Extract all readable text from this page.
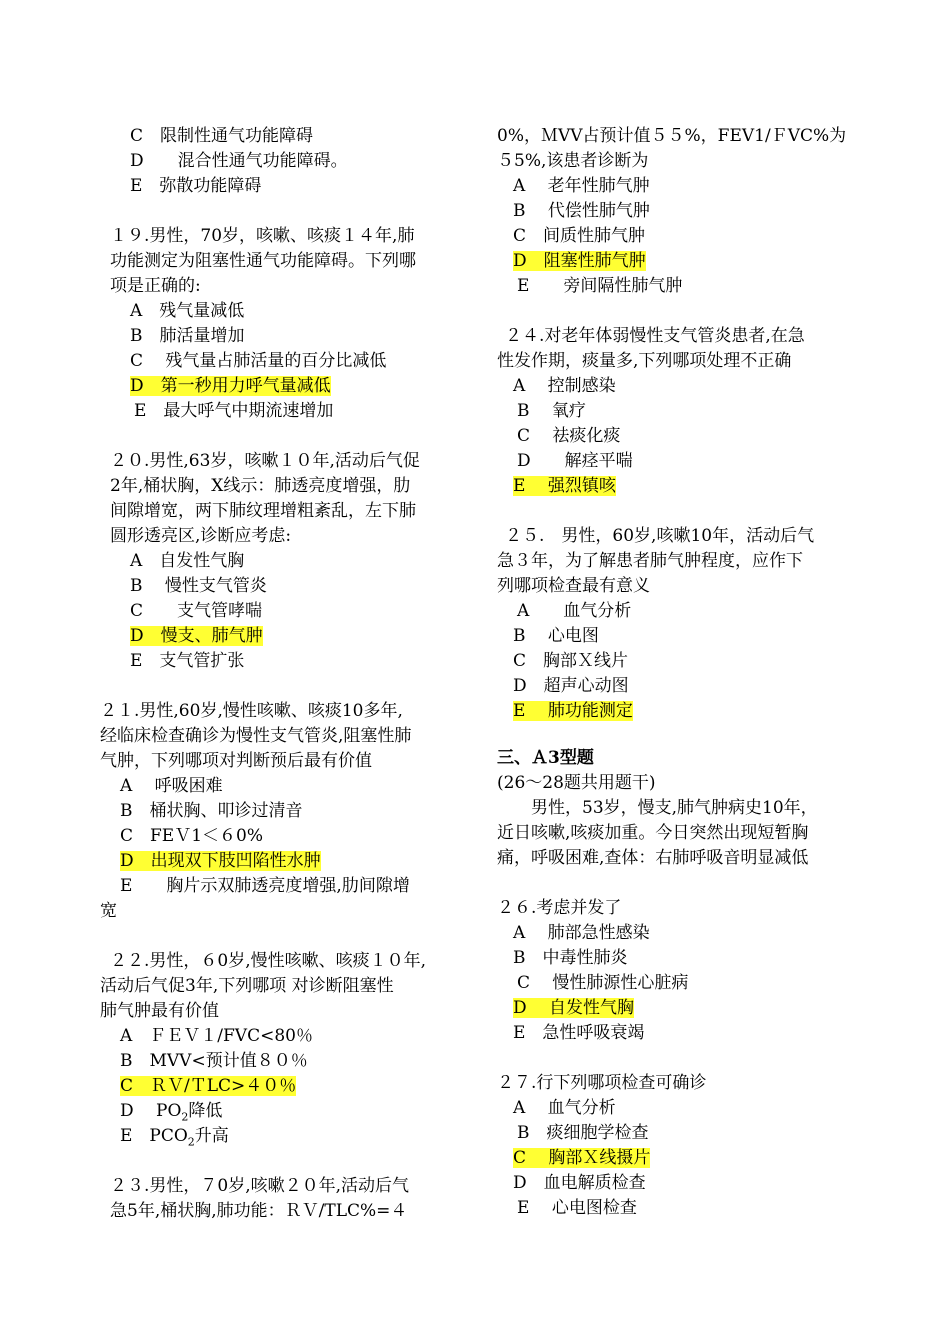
C　限制性通气功能障碍
D　　混合性通气功能障碍。
E　弥散功能障碍
１９.男性，70岁，咳嗽、咳痰１４年,肺
功能测定为阻塞性通气功能障碍。下列哪
项是正确的:
A　残气量减低
B　肺活量增加
C　 残气量占肺活量的百分比减低
D　第一秒用力呼气量减低
E　最大呼气中期流速增加
２０.男性,63岁，咳嗽１０年,活动后气促
2年,桶状胸，X线示：肺透亮度增强，肋
间隙增宽，两下肺纹理增粗紊乱，左下肺
圆形透亮区,诊断应考虑:
A　自发性气胸
B　 慢性支气管炎
C　　支气管哮喘
D　慢支、肺气肿
E　支气管扩张
２１.男性,60岁,慢性咳嗽、咳痰10多年,
经临床检查确诊为慢性支气管炎,阻塞性肺
气肿，下列哪项对判断预后最有价值
A　 呼吸困难
B　桶状胸、叩诊过清音
C　FEＶ1＜６0%
D　出现双下肢凹陷性水肿
E　　胸片示双肺透亮度增强,肋间隙增
宽
２２.男性，６0岁,慢性咳嗽、咳痰１０年,
活动后气促3年,下列哪项 对诊断阻塞性
肺气肿最有价值
A　ＦＥＶ１/FVC<80％
B　MVV<预计值８０％
C　ＲＶ/ＴLC>４０％
D　 $PO_2$降低
E　$PCO_2$升高
２３.男性，７0岁,咳嗽２０年,活动后气
急5年,桶状胸,肺功能：ＲＶ/TLC%=４
0%，ＭVV占预计值５５%，FEV1/ＦVC%为
５5%,该患者诊断为
A　 老年性肺气肿
B　 代偿性肺气肿
C　间质性肺气肿
D　阻塞性肺气肿
E　　旁间隔性肺气肿
２４.对老年体弱慢性支气管炎患者,在急
性发作期，痰量多,下列哪项处理不正确
A　 控制感染
B　 氧疗
C　 祛痰化痰
D　　解痉平喘
E　 强烈镇咳
２５.　男性，60岁,咳嗽10年，活动后气
急３年，为了解患者肺气肿程度，应作下
列哪项检查最有意义
A　　血气分析
B　 心电图
C　胸部Ｘ线片
D　超声心动图
E　 肺功能测定
三、Ａ3型题
(26～28题共用题干)
　　男性，53岁，慢支,肺气肿病史10年，
近日咳嗽,咳痰加重。今日突然出现短暂胸
痛，呼吸困难,查体：右肺呼吸音明显减低
２６.考虑并发了
A　 肺部急性感染
B　中毒性肺炎
C　 慢性肺源性心脏病
D　 自发性气胸
E　急性呼吸衰竭
２７.行下列哪项检查可确诊
A　 血气分析
B　痰细胞学检查
C　 胸部Ｘ线摄片
D　血电解质检查
E　 心电图检查
